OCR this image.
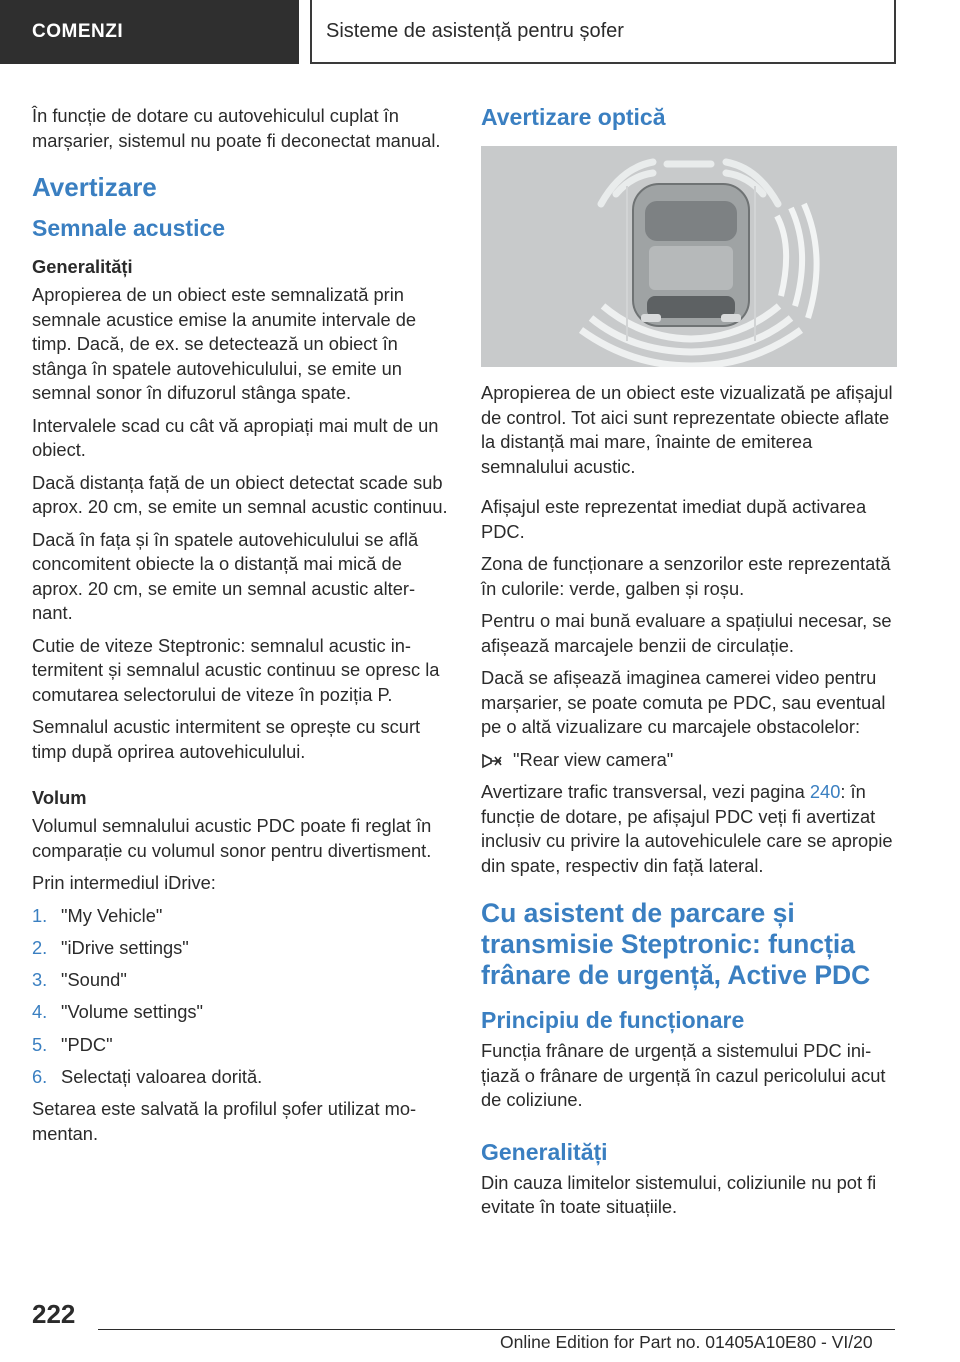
COMENZI	Sisteme de asistență pentru șofer

În funcție de dotare cu autovehiculul cuplat în marșarier, sistemul nu poate fi deconectat manual.

Avertizare
Semnale acustice
Generalități

Apropierea de un obiect este semnalizată prin semnale acustice emise la anumite intervale de timp. Dacă, de ex. se detectează un obiect în stânga în spatele autovehiculului, se emite un semnal sonor în difuzorul stânga spate.

Intervalele scad cu cât vă apropiați mai mult de un obiect.

Dacă distanța față de un obiect detectat scade sub aprox. 20 cm, se emite un semnal acustic continuu.

Dacă în fața și în spatele autovehiculului se află concomitent obiecte la o distanță mai mică de aprox. 20 cm, se emite un semnal acustic alternant.

Cutie de viteze Steptronic: semnalul acustic intermitent și semnalul acustic continuu se opresc la comutarea selectorului de viteze în poziția P.

Semnalul acustic intermitent se oprește cu scurt timp după oprirea autovehiculului.

Volum

Volumul semnalului acustic PDC poate fi reglat în comparație cu volumul sonor pentru divertisment.

Prin intermediul iDrive:

1. "My Vehicle"
2. "iDrive settings"
3. "Sound"
4. "Volume settings"
5. "PDC"
6. Selectați valoarea dorită.

Setarea este salvată la profilul șofer utilizat momentan.

Avertizare optică

Apropierea de un obiect este vizualizată pe afișajul de control. Tot aici sunt reprezentate obiecte aflate la distanță mai mare, înainte de emiterea semnalului acustic.

Afișajul este reprezentat imediat după activarea PDC.

Zona de funcționare a senzorilor este reprezentată în culorile: verde, galben și roșu.

Pentru o mai bună evaluare a spațiului necesar, se afișează marcajele benzii de circulație.

Dacă se afișează imaginea camerei video pentru marșarier, se poate comuta pe PDC, sau eventual pe o altă vizualizare cu marcajele obstacolelor:

"Rear view camera"

Avertizare trafic transversal, vezi pagina 240: în funcție de dotare, pe afișajul PDC veți fi avertizat inclusiv cu privire la autovehiculele care se apropie din spate, respectiv din față lateral.

Cu asistent de parcare și transmisie Steptronic: funcția frânare de urgență, Active PDC
Principiu de funcționare

Funcția frânare de urgență a sistemului PDC inițiază o frânare de urgență în cazul pericolului acut de coliziune.

Generalități

Din cauza limitelor sistemului, coliziunile nu pot fi evitate în toate situațiile.

222
Online Edition for Part no. 01405A10E80 - VI/20
